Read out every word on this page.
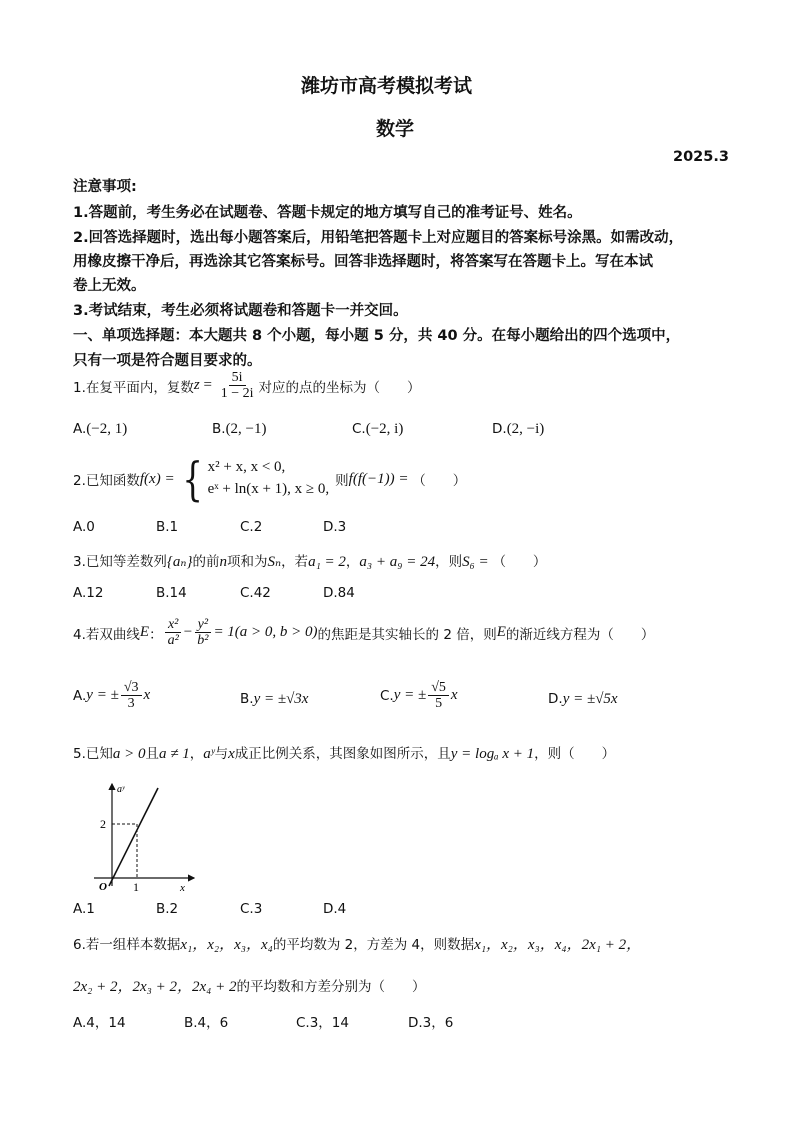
潍坊市高考模拟考试
数学
2025.3
注意事项:
1.答题前，考生务必在试题卷、答题卡规定的地方填写自己的准考证号、姓名。
2.回答选择题时，选出每小题答案后，用铅笔把答题卡上对应题目的答案标号涂黑。如需改动，
用橡皮擦干净后，再选涂其它答案标号。回答非选择题时，将答案写在答题卡上。写在本试
卷上无效。
3.考试结束，考生必须将试题卷和答题卡一并交回。
一、单项选择题：本大题共 8 个小题，每小题 5 分，共 40 分。在每小题给出的四个选项中，
只有一项是符合题目要求的。
1.在复平面内，复数 $z = \frac{5i}{1 - 2i}$ 对应的点的坐标为（　　）
A.(−2, 1)	B.(2, −1)	C.(−2, i)	D.(2, −i)
2.已知函数 f(x) = { x² + x, x < 0,
eˣ + ln(x + 1), x ≥ 0, 则 f(f(−1)) = （　　）
A.0	B.1	C.2	D.3
3.已知等差数列{aₙ}的前n项和为Sₙ，若a₁ = 2，a₃ + a₉ = 24，则S₆ = （　　）
A.12	B.14	C.42	D.84
4.若双曲线 E ： $\frac{\text{x²}}{\text{a²}} - \frac{\text{y²}}{\text{b²}} = 1(a > 0$, b > 0) 的焦距是其实轴长的 2 倍，则 E 的渐近线方程为（　　）
A. y = ± $\frac{√3}{3}$ x	B.y = ±√3x	C. y = ± $\frac{√5}{5}$ x	D.y = ±√5x
5.已知a > 0且a ≠ 1，aʸ与x成正比例关系，其图象如图所示，且y = logₐ x + 1，则（　　）
aʸ
x
O
2
1
A.1	B.2	C.3	D.4
6.若一组样本数据x₁，x₂，x₃，x₄的平均数为 2，方差为 4，则数据x₁，x₂，x₃，x₄，2x₁ + 2，
2x₂ + 2，2x₃ + 2，2x₄ + 2的平均数和方差分别为（　　）
A.4，14	B.4，6	C.3，14	D.3，6
